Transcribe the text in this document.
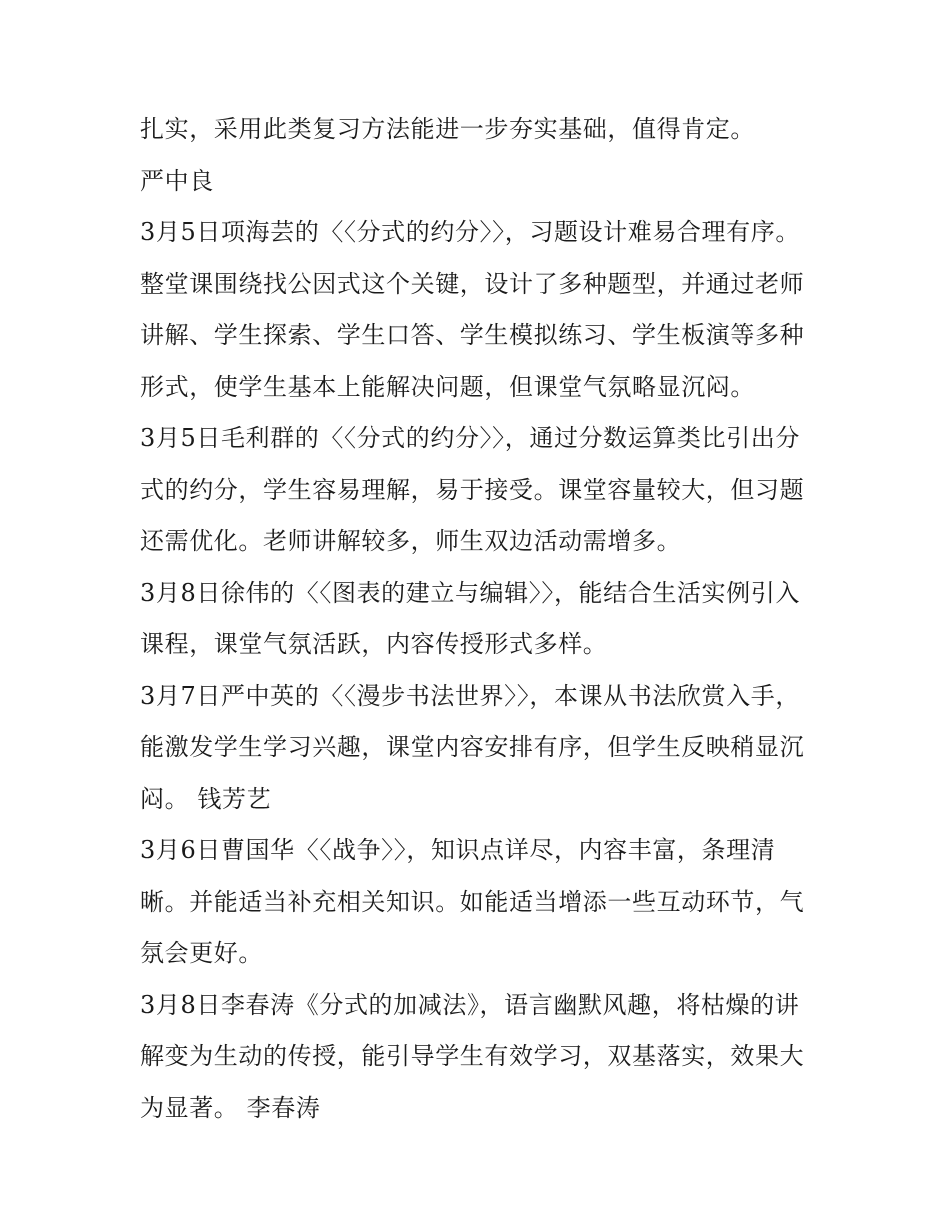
扎实，采用此类复习方法能进一步夯实基础，值得肯定。

严中良

3月5日项海芸的〈〈分式的约分〉〉，习题设计难易合理有序。整堂课围绕找公因式这个关键，设计了多种题型，并通过老师讲解、学生探索、学生口答、学生模拟练习、学生板演等多种形式，使学生基本上能解决问题，但课堂气氛略显沉闷。

3月5日毛利群的〈〈分式的约分〉〉，通过分数运算类比引出分式的约分，学生容易理解，易于接受。课堂容量较大，但习题还需优化。老师讲解较多，师生双边活动需增多。

3月8日徐伟的〈〈图表的建立与编辑〉〉，能结合生活实例引入课程，课堂气氛活跃，内容传授形式多样。

3月7日严中英的〈〈漫步书法世界〉〉，本课从书法欣赏入手，能激发学生学习兴趣，课堂内容安排有序，但学生反映稍显沉闷。 钱芳艺

3月6日曹国华〈〈战争〉〉，知识点详尽，内容丰富，条理清晰。并能适当补充相关知识。如能适当增添一些互动环节，气氛会更好。

3月8日李春涛《分式的加减法》，语言幽默风趣，将枯燥的讲解变为生动的传授，能引导学生有效学习，双基落实，效果大为显著。 李春涛
